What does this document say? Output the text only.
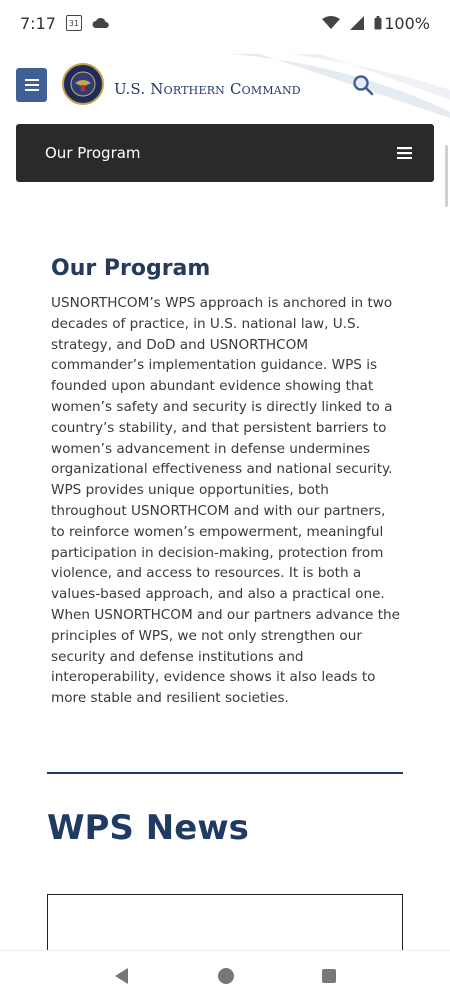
7:17 31	100%
U.S. Northern Command
Our Program
Our Program

USNORTHCOM’s WPS approach is anchored in two decades of practice, in U.S. national law, U.S. strategy, and DoD and USNORTHCOM commander’s implementation guidance. WPS is founded upon abundant evidence showing that women’s safety and security is directly linked to a country’s stability, and that persistent barriers to women’s advancement in defense undermines organizational effectiveness and national security. WPS provides unique opportunities, both throughout USNORTHCOM and with our partners, to reinforce women’s empowerment, meaningful participation in decision-making, protection from violence, and access to resources. It is both a values-based approach, and also a practical one. When USNORTHCOM and our partners advance the principles of WPS, we not only strengthen our security and defense institutions and interoperability, evidence shows it also leads to more stable and resilient societies.

WPS News
